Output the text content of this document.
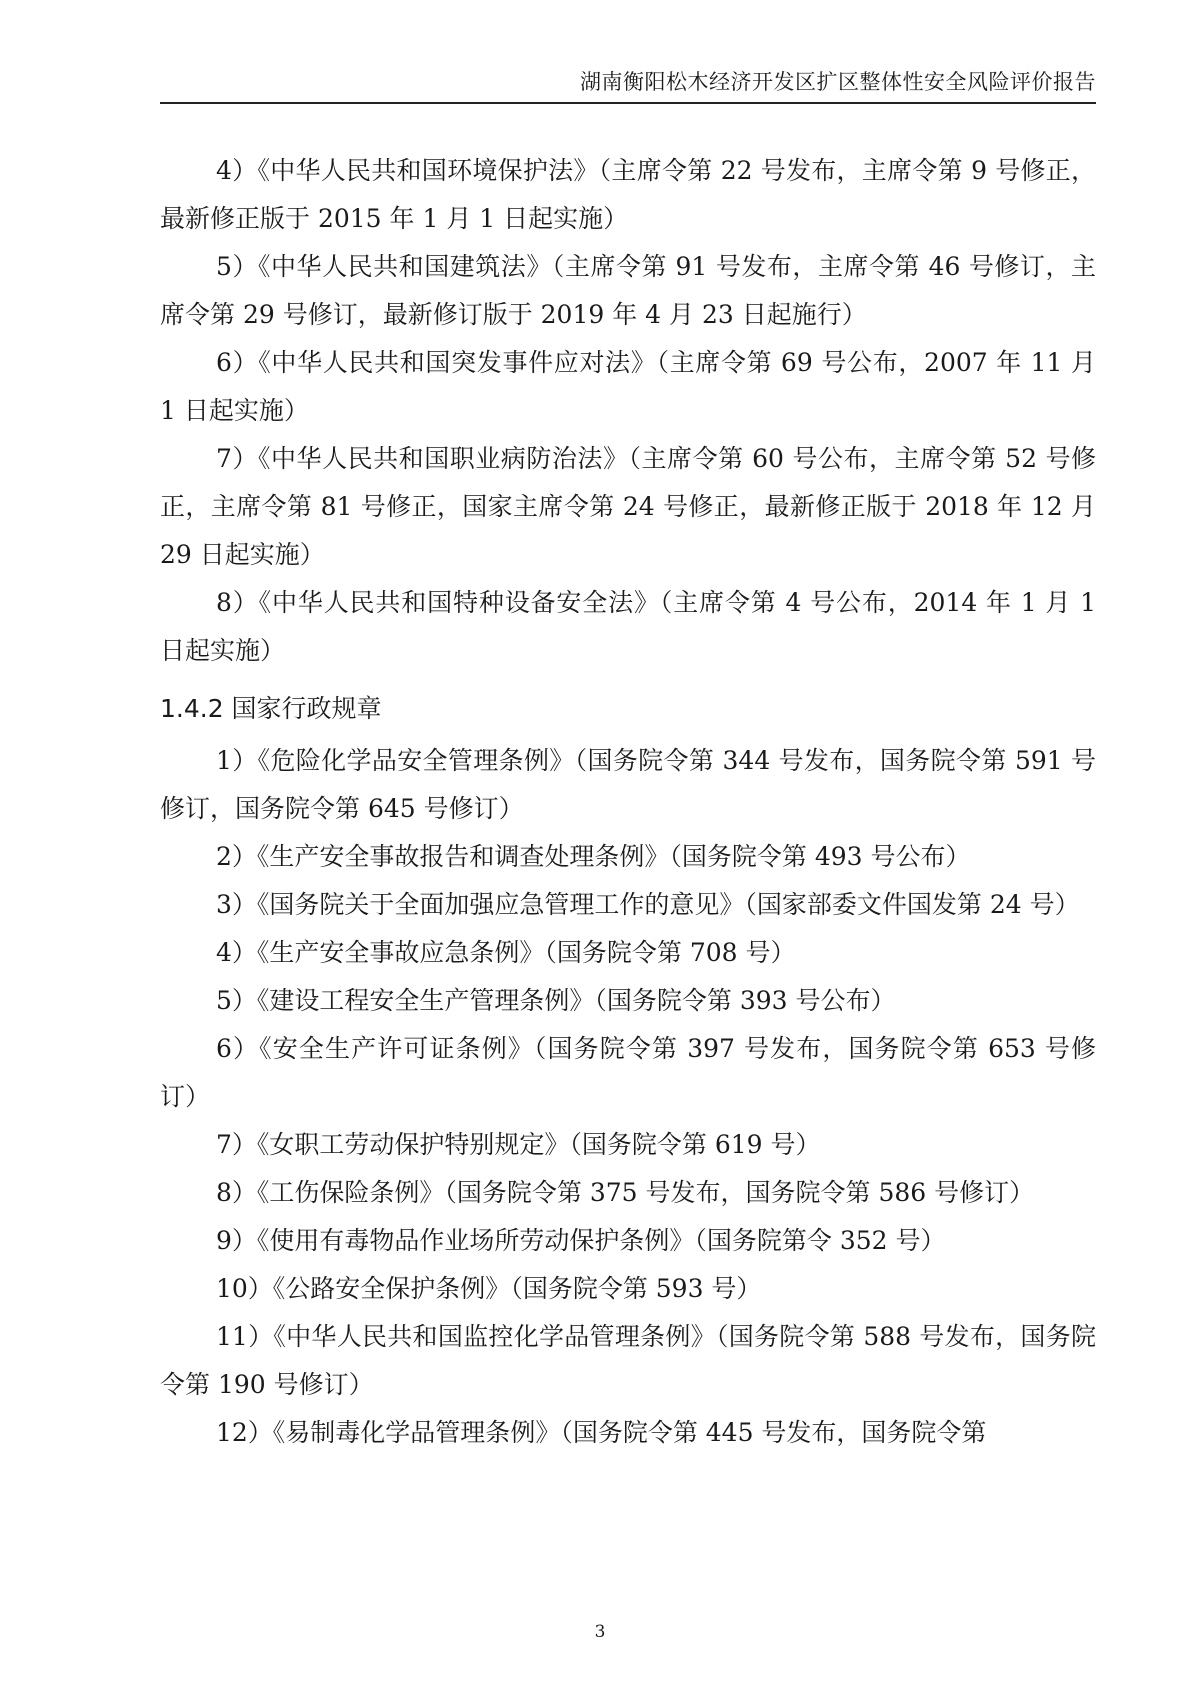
湖南衡阳松木经济开发区扩区整体性安全风险评价报告

4）《中华人民共和国环境保护法》（主席令第 22 号发布，主席令第 9 号修正，最新修正版于 2015 年 1 月 1 日起实施）

5）《中华人民共和国建筑法》（主席令第 91 号发布，主席令第 46 号修订，主席令第 29 号修订，最新修订版于 2019 年 4 月 23 日起施行）

6）《中华人民共和国突发事件应对法》（主席令第 69 号公布，2007 年 11 月 1 日起实施）

7）《中华人民共和国职业病防治法》（主席令第 60 号公布，主席令第 52 号修正，主席令第 81 号修正，国家主席令第 24 号修正，最新修正版于 2018 年 12 月 29 日起实施）

8）《中华人民共和国特种设备安全法》（主席令第 4 号公布，2014 年 1 月 1 日起实施）

1.4.2 国家行政规章

1）《危险化学品安全管理条例》（国务院令第 344 号发布，国务院令第 591 号修订，国务院令第 645 号修订）

2）《生产安全事故报告和调查处理条例》（国务院令第 493 号公布）

3）《国务院关于全面加强应急管理工作的意见》（国家部委文件国发第 24 号）

4）《生产安全事故应急条例》（国务院令第 708 号）

5）《建设工程安全生产管理条例》（国务院令第 393 号公布）

6）《安全生产许可证条例》（国务院令第 397 号发布，国务院令第 653 号修订）

7）《女职工劳动保护特别规定》（国务院令第 619 号）

8）《工伤保险条例》（国务院令第 375 号发布，国务院令第 586 号修订）

9）《使用有毒物品作业场所劳动保护条例》（国务院第令 352 号）

10）《公路安全保护条例》（国务院令第 593 号）

11）《中华人民共和国监控化学品管理条例》（国务院令第 588 号发布，国务院令第 190 号修订）

12）《易制毒化学品管理条例》（国务院令第 445 号发布，国务院令第

3
